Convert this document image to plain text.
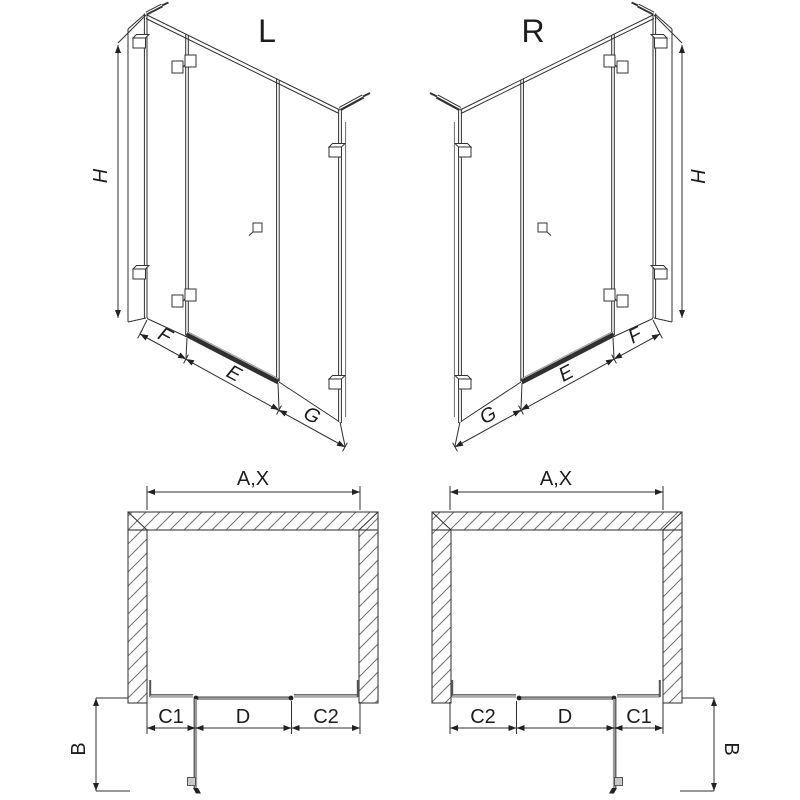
L	R
H	H
F
E
G	G
E
F
A,X
C1	D	C2
B
A,X
C2	D	C1
B
